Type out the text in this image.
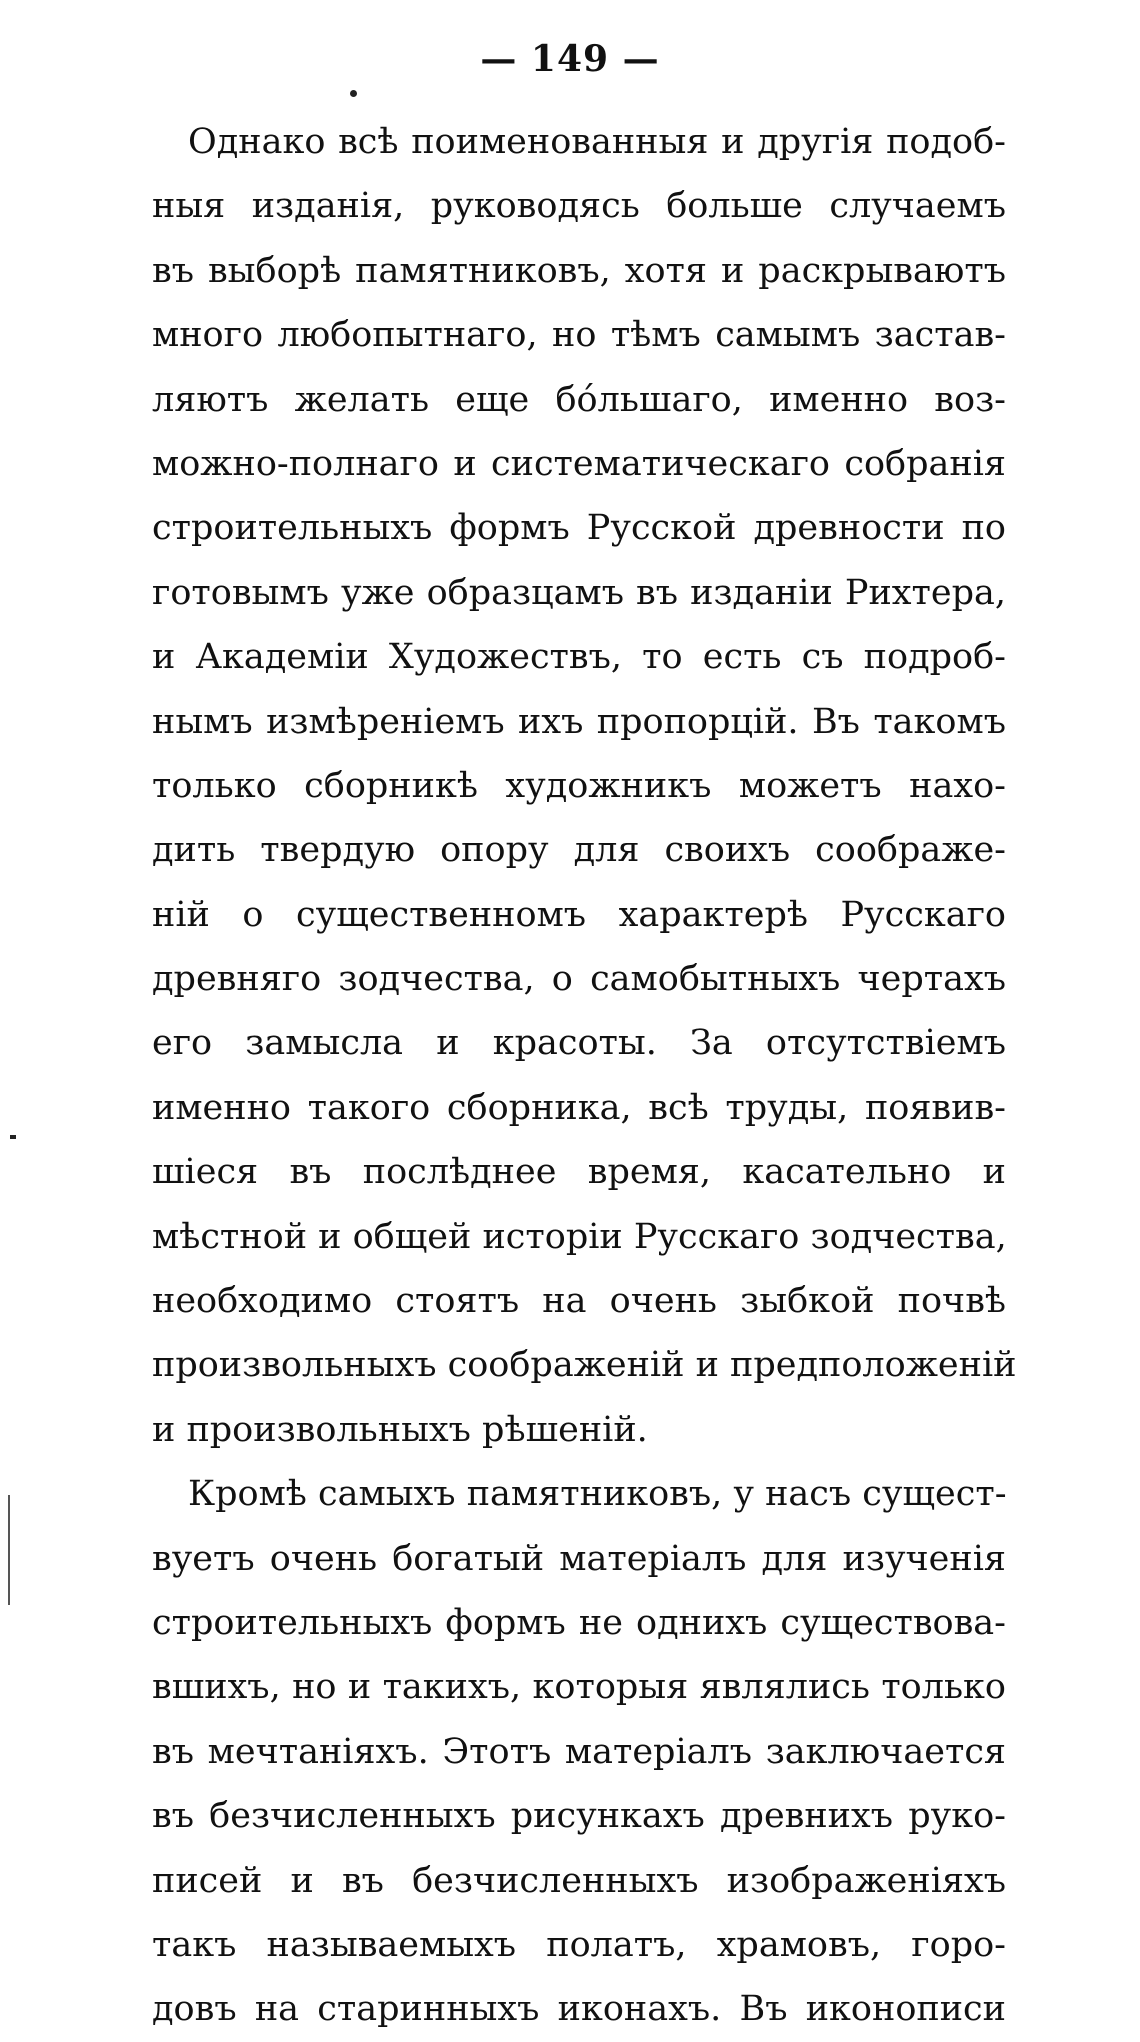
— 149 —
Однако всѣ поименованныя и другія подоб-
ныя изданія, руководясь больше случаемъ
въ выборѣ памятниковъ, хотя и раскрываютъ
много любопытнаго, но тѣмъ самымъ застав-
ляютъ желать еще бо́льшаго, именно воз-
можно-полнаго и систематическаго собранія
строительныхъ формъ Русской древности по
готовымъ уже образцамъ въ изданіи Рихтера,
и Академіи Художествъ, то есть съ подроб-
нымъ измѣреніемъ ихъ пропорцій. Въ такомъ
только сборникѣ художникъ можетъ нахо-
дить твердую опору для своихъ соображе-
ній о существенномъ характерѣ Русскаго
древняго зодчества, о самобытныхъ чертахъ
его замысла и красоты. За отсутствіемъ
именно такого сборника, всѣ труды, появив-
шіеся въ послѣднее время, касательно и
мѣстной и общей исторіи Русскаго зодчества,
необходимо стоятъ на очень зыбкой почвѣ
произвольныхъ соображеній и предположеній
и произвольныхъ рѣшеній.
Кромѣ самыхъ памятниковъ, у насъ сущест-
вуетъ очень богатый матеріалъ для изученія
строительныхъ формъ не однихъ существова-
вшихъ, но и такихъ, которыя являлись только
въ мечтаніяхъ. Этотъ матеріалъ заключается
въ безчисленныхъ рисункахъ древнихъ руко-
писей и въ безчисленныхъ изображеніяхъ
такъ называемыхъ полатъ, храмовъ, горо-
довъ на старинныхъ иконахъ. Въ иконописи
